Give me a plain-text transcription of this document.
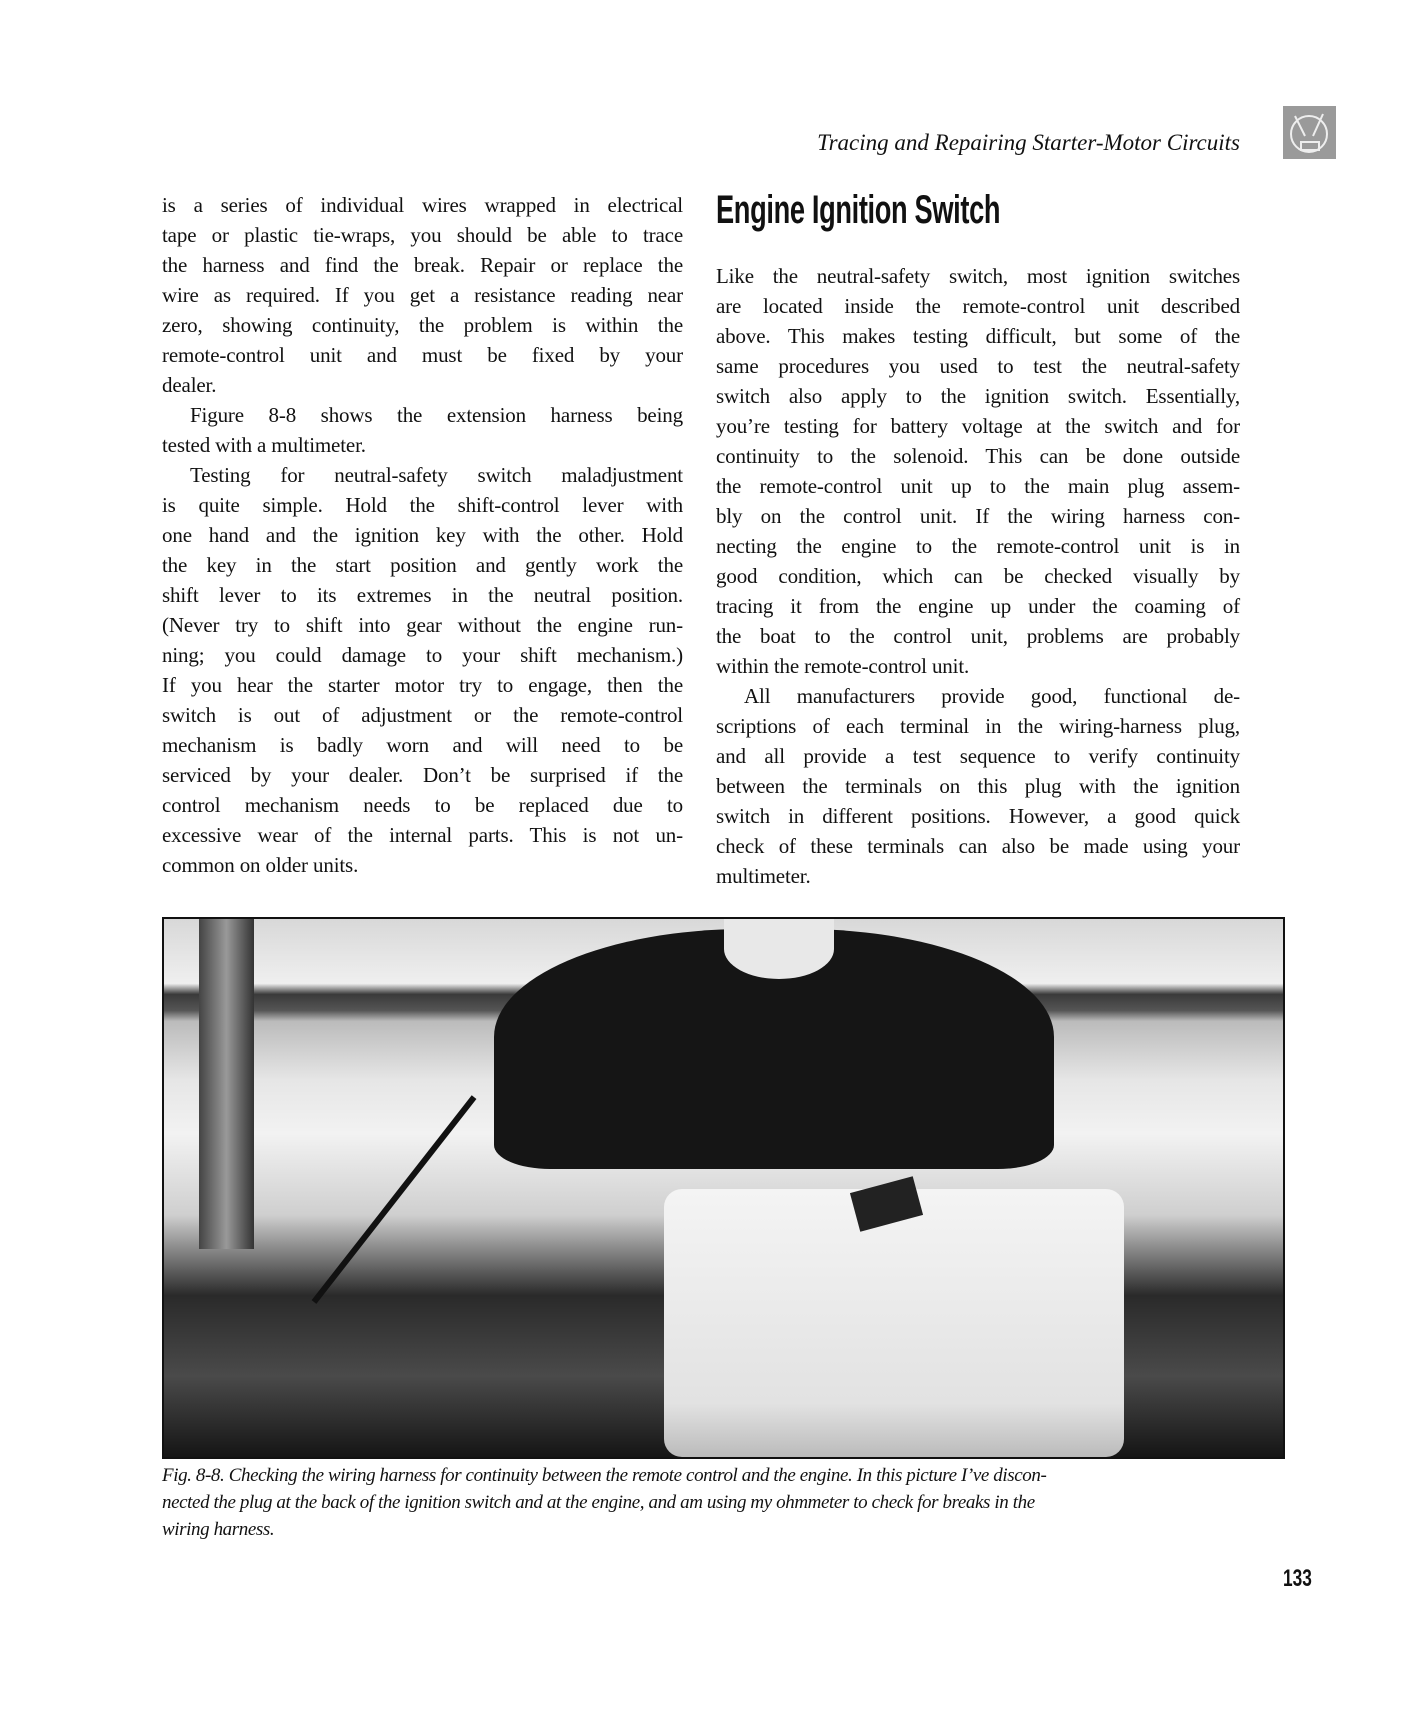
Tracing and Repairing Starter-Motor Circuits
is a series of individual wires wrapped in electrical
tape or plastic tie-wraps, you should be able to trace
the harness and find the break. Repair or replace the
wire as required. If you get a resistance reading near
zero, showing continuity, the problem is within the
remote-control unit and must be fixed by your
dealer.
Figure 8-8 shows the extension harness being
tested with a multimeter.
Testing for neutral-safety switch maladjustment
is quite simple. Hold the shift-control lever with
one hand and the ignition key with the other. Hold
the key in the start position and gently work the
shift lever to its extremes in the neutral position.
(Never try to shift into gear without the engine run-
ning; you could damage to your shift mechanism.)
If you hear the starter motor try to engage, then the
switch is out of adjustment or the remote-control
mechanism is badly worn and will need to be
serviced by your dealer. Don’t be surprised if the
control mechanism needs to be replaced due to
excessive wear of the internal parts. This is not un-
common on older units.
Engine Ignition Switch
Like the neutral-safety switch, most ignition switches
are located inside the remote-control unit described
above. This makes testing difficult, but some of the
same procedures you used to test the neutral-safety
switch also apply to the ignition switch. Essentially,
you’re testing for battery voltage at the switch and for
continuity to the solenoid. This can be done outside
the remote-control unit up to the main plug assem-
bly on the control unit. If the wiring harness con-
necting the engine to the remote-control unit is in
good condition, which can be checked visually by
tracing it from the engine up under the coaming of
the boat to the control unit, problems are probably
within the remote-control unit.
All manufacturers provide good, functional de-
scriptions of each terminal in the wiring-harness plug,
and all provide a test sequence to verify continuity
between the terminals on this plug with the ignition
switch in different positions. However, a good quick
check of these terminals can also be made using your
multimeter.
Fig. 8-8. Checking the wiring harness for continuity between the remote control and the engine. In this picture I’ve discon-
nected the plug at the back of the ignition switch and at the engine, and am using my ohmmeter to check for breaks in the
wiring harness.
133
